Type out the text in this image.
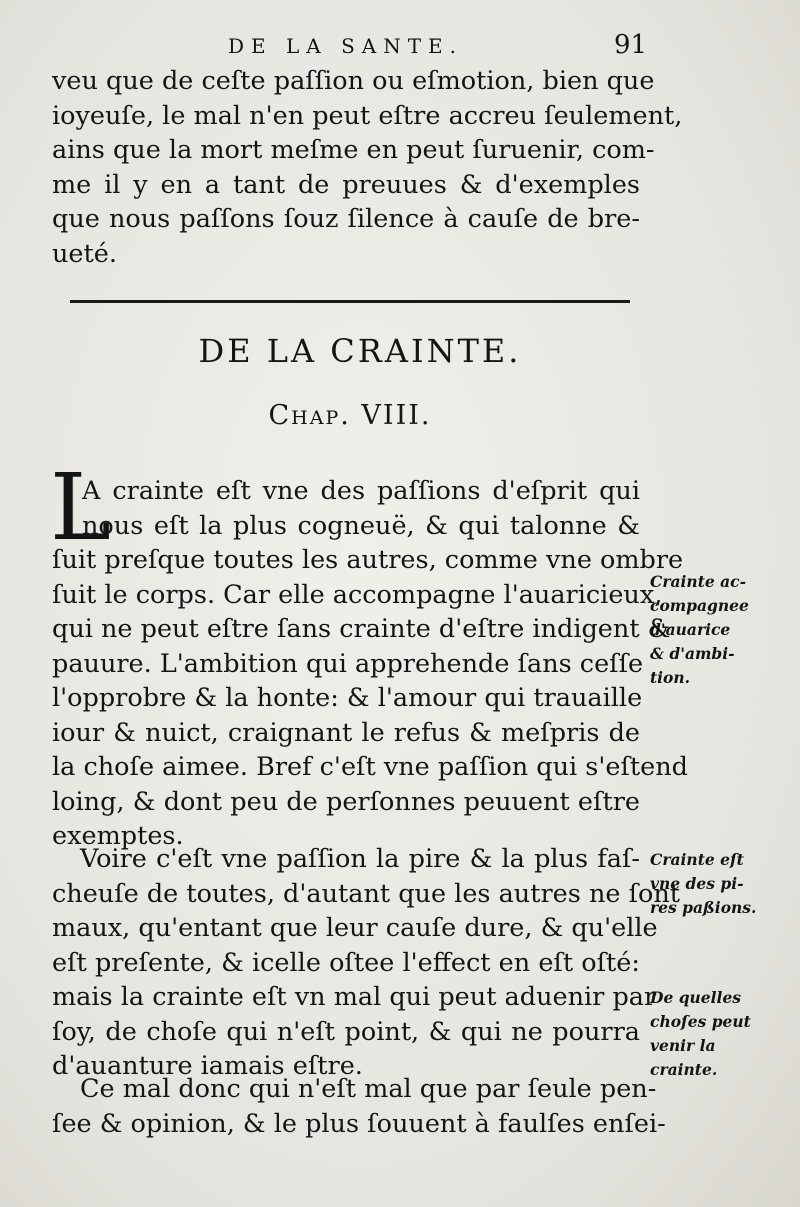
DE LA SANTE.	91
veu que de ceſte paſſion ou eſmotion, bien que
ioyeuſe, le mal n'en peut eſtre accreu ſeulement,
ains que la mort meſme en peut ſuruenir, com-
me il y en a tant de preuues & d'exemples
que nous paſſons ſouz ſilence à cauſe de bre-
ueté.
DE LA CRAINTE.
Chap. VIII.
L
A crainte eſt vne des paſſions d'eſprit qui
nous eſt la plus cogneuë, & qui talonne &
ſuit preſque toutes les autres, comme vne ombre
ſuit le corps. Car elle accompagne l'auaricieux,
qui ne peut eſtre ſans crainte d'eſtre indigent &
pauure. L'ambition qui apprehende ſans ceſſe
l'opprobre & la honte: & l'amour qui trauaille
iour & nuict, craignant le refus & meſpris de
la choſe aimee. Bref c'eſt vne paſſion qui s'eſtend
loing, & dont peu de perſonnes peuuent eſtre
exemptes.
Voire c'eſt vne paſſion la pire & la plus faſ-
cheuſe de toutes, d'autant que les autres ne ſont
maux, qu'entant que leur cauſe dure, & qu'elle
eſt preſente, & icelle oſtee l'effect en eſt oſté:
mais la crainte eſt vn mal qui peut aduenir par
ſoy, de choſe qui n'eſt point, & qui ne pourra
d'auanture iamais eſtre.
Ce mal donc qui n'eſt mal que par ſeule pen-
ſee & opinion, & le plus ſouuent à faulſes enſei-
Crainte ac-
compagnee
d'auarice
& d'ambi-
tion.
Crainte eſt
vne des pi-
res paßions.
De quelles
choſes peut
venir la
crainte.
